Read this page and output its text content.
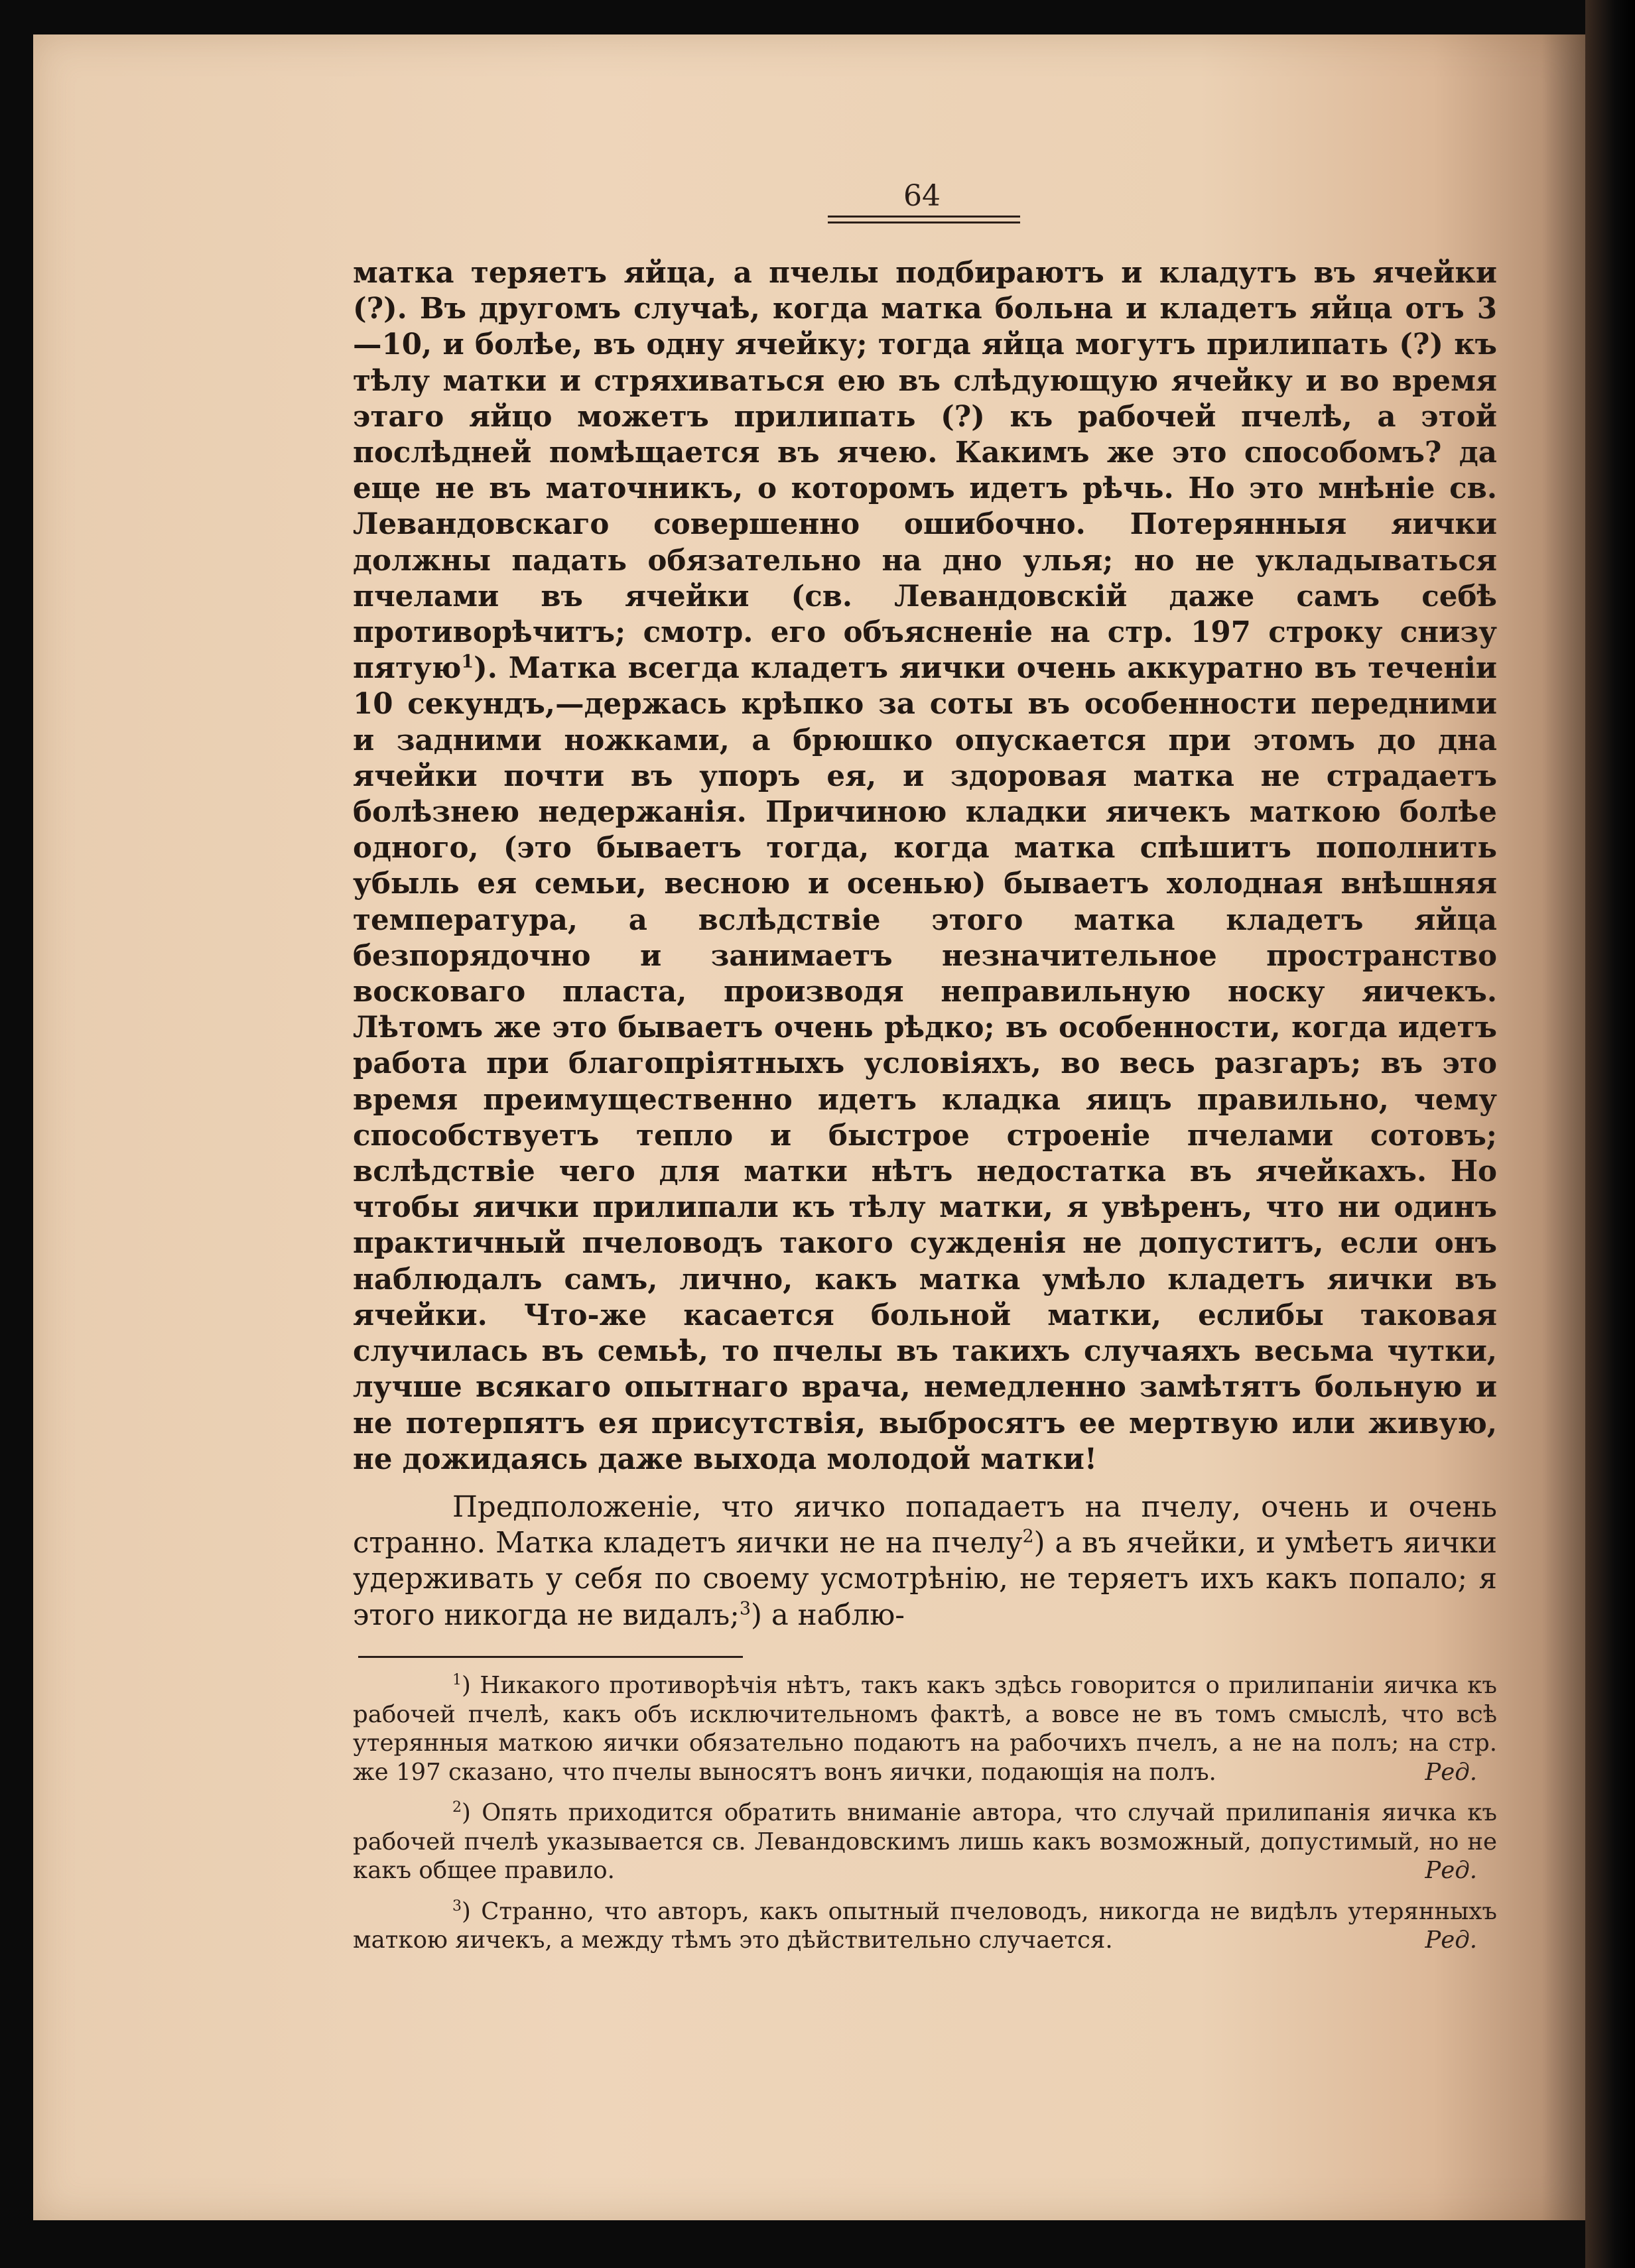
64

матка теряетъ яйца, а пчелы подбираютъ и кладутъ въ ячейки (?). Въ другомъ случаѣ, когда матка больна и кладетъ яйца отъ 3—10, и болѣе, въ одну ячейку; тогда яйца могутъ прилипать (?) къ тѣлу матки и стряхиваться ею въ слѣдующую ячейку и во время этаго яйцо можетъ прилипать (?) къ рабочей пчелѣ, а этой послѣдней помѣщается въ ячею. Какимъ же это способомъ? да еще не въ маточникъ, о которомъ идетъ рѣчь. Но это мнѣніе св. Левандовскаго совершенно ошибочно. Потерянныя яички должны падать обязательно на дно улья; но не укладываться пчелами въ ячейки (св. Левандовскій даже самъ себѣ противорѣчитъ; смотр. его объясненіе на стр. 197 строку снизу пятую$^1$). Матка всегда кладетъ яички очень аккуратно въ теченіи 10 секундъ,—держась крѣпко за соты въ особенности передними и задними ножками, а брюшко опускается при этомъ до дна ячейки почти въ упоръ ея, и здоровая матка не страдаетъ болѣзнею недержанія. Причиною кладки яичекъ маткою болѣе одного, (это бываетъ тогда, когда матка спѣшитъ пополнить убыль ея семьи, весною и осенью) бываетъ холодная внѣшняя температура, а вслѣдствіе этого матка кладетъ яйца безпорядочно и занимаетъ незначительное пространство восковаго пласта, производя неправильную носку яичекъ. Лѣтомъ же это бываетъ очень рѣдко; въ особенности, когда идетъ работа при благопріятныхъ условіяхъ, во весь разгаръ; въ это время преимущественно идетъ кладка яицъ правильно, чему способствуетъ тепло и быстрое строеніе пчелами сотовъ; вслѣдствіе чего для матки нѣтъ недостатка въ ячейкахъ. Но чтобы яички прилипали къ тѣлу матки, я увѣренъ, что ни одинъ практичный пчеловодъ такого сужденія не допуститъ, если онъ наблюдалъ самъ, лично, какъ матка умѣло кладетъ яички въ ячейки. Что-же касается больной матки, еслибы таковая случилась въ семьѣ, то пчелы въ такихъ случаяхъ весьма чутки, лучше всякаго опытнаго врача, немедленно замѣтятъ больную и не потерпятъ ея присутствія, выбросятъ ее мертвую или живую, не дожидаясь даже выхода молодой матки!

Предположеніе, что яичко попадаетъ на пчелу, очень и очень странно. Матка кладетъ яички не на пчелу$^2$) а въ ячейки, и умѣетъ яички удерживать у себя по своему усмотрѣнію, не теряетъ ихъ какъ попало; я этого никогда не видалъ;$^3$) а наблю-

$^1$) Никакого противорѣчія нѣтъ, такъ какъ здѣсь говорится о прилипаніи яичка къ рабочей пчелѣ, какъ объ исключительномъ фактѣ, а вовсе не въ томъ смыслѣ, что всѣ утерянныя маткою яички обязательно подаютъ на рабочихъ пчелъ, а не на полъ; на стр. же 197 сказано, что пчелы выносятъ вонъ яички, подающія на полъ.	Ред.

$^2$) Опять приходится обратить вниманіе автора, что случай прилипанія яичка къ рабочей пчелѣ указывается св. Левандовскимъ лишь какъ возможный, допустимый, но не какъ общее правило.	Ред.

$^3$) Странно, что авторъ, какъ опытный пчеловодъ, никогда не видѣлъ утерянныхъ маткою яичекъ, а между тѣмъ это дѣйствительно случается.	Ред.
